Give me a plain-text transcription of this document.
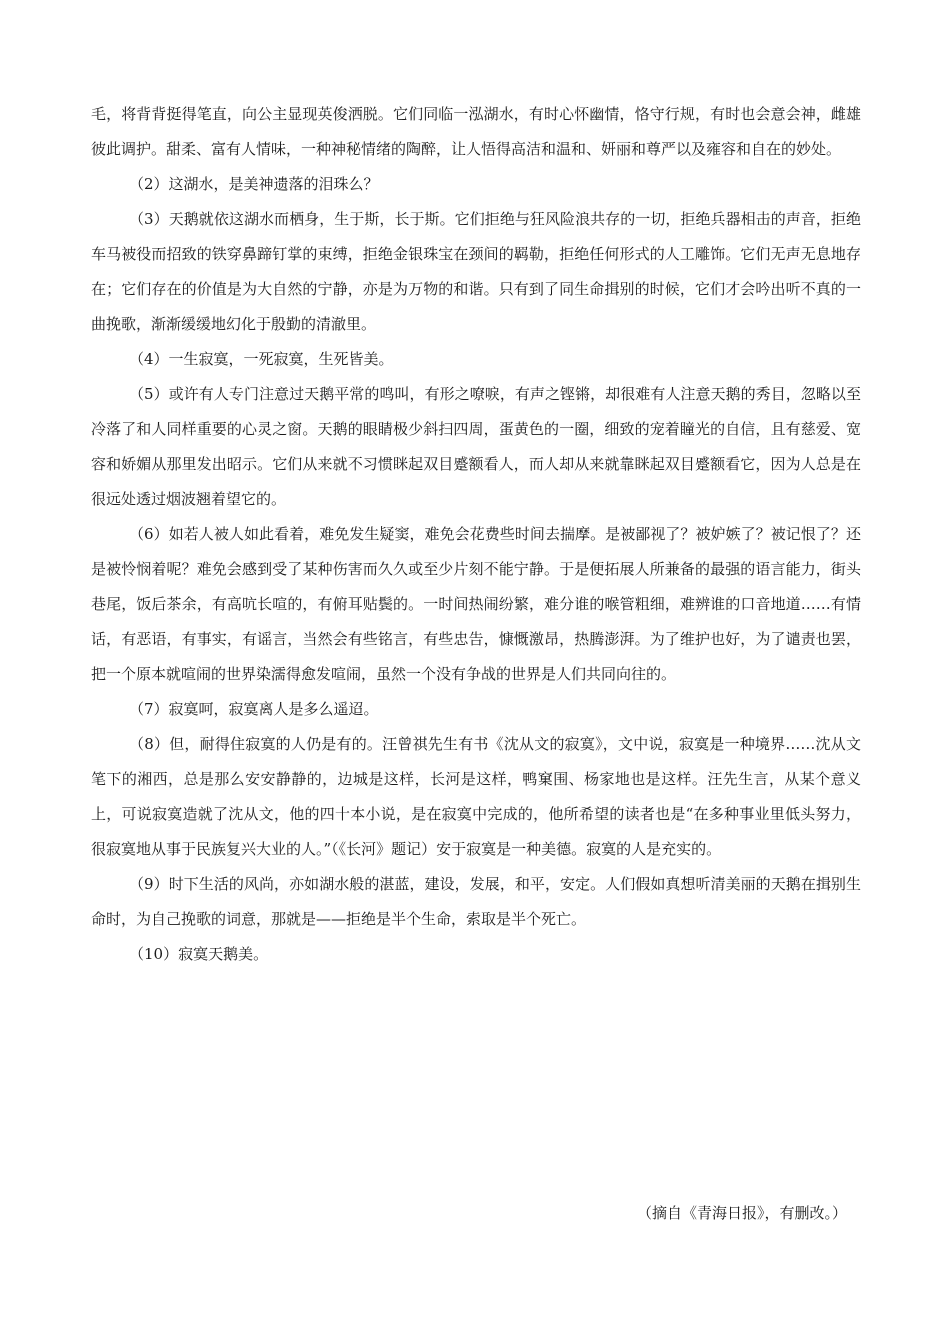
毛，将背背挺得笔直，向公主显现英俊洒脱。它们同临一泓湖水，有时心怀幽情，恪守行规，有时也会意会神，雌雄彼此调护。甜柔、富有人情味，一种神秘情绪的陶醉，让人悟得高洁和温和、妍丽和尊严以及雍容和自在的妙处。

（2）这湖水，是美神遗落的泪珠么？

（3）天鹅就依这湖水而栖身，生于斯，长于斯。它们拒绝与狂风险浪共存的一切，拒绝兵器相击的声音，拒绝车马被役而招致的铁穿鼻蹄钉掌的束缚，拒绝金银珠宝在颈间的羁勒，拒绝任何形式的人工雕饰。它们无声无息地存在；它们存在的价值是为大自然的宁静，亦是为万物的和谐。只有到了同生命揖别的时候，它们才会吟出听不真的一曲挽歌，渐渐缓缓地幻化于殷勤的清澈里。

（4）一生寂寞，一死寂寞，生死皆美。

（5）或许有人专门注意过天鹅平常的鸣叫，有形之嘹唳，有声之铿锵，却很难有人注意天鹅的秀目，忽略以至冷落了和人同样重要的心灵之窗。天鹅的眼睛极少斜扫四周，蛋黄色的一圈，细致的宠着瞳光的自信，且有慈爱、宽容和娇媚从那里发出昭示。它们从来就不习惯眯起双目蹙额看人，而人却从来就靠眯起双目蹙额看它，因为人总是在很远处透过烟波翘着望它的。

（6）如若人被人如此看着，难免发生疑窦，难免会花费些时间去揣摩。是被鄙视了？被妒嫉了？被记恨了？还是被怜悯着呢？难免会感到受了某种伤害而久久或至少片刻不能宁静。于是便拓展人所兼备的最强的语言能力，街头巷尾，饭后茶余，有高吭长喧的，有俯耳贴鬓的。一时间热闹纷繁，难分谁的喉管粗细，难辨谁的口音地道……有情话，有恶语，有事实，有谣言，当然会有些铭言，有些忠告，慷慨激昂，热腾澎湃。为了维护也好，为了谴责也罢，把一个原本就喧闹的世界染濡得愈发喧闹，虽然一个没有争战的世界是人们共同向往的。

（7）寂寞呵，寂寞离人是多么遥迢。

（8）但，耐得住寂寞的人仍是有的。汪曾祺先生有书《沈从文的寂寞》，文中说，寂寞是一种境界……沈从文笔下的湘西，总是那么安安静静的，边城是这样，长河是这样，鸭窠围、杨家地也是这样。汪先生言，从某个意义上，可说寂寞造就了沈从文，他的四十本小说，是在寂寞中完成的，他所希望的读者也是“在多种事业里低头努力，很寂寞地从事于民族复兴大业的人。”（《长河》题记）安于寂寞是一种美德。寂寞的人是充实的。

（9）时下生活的风尚，亦如湖水般的湛蓝，建设，发展，和平，安定。人们假如真想听清美丽的天鹅在揖别生命时，为自己挽歌的词意，那就是——拒绝是半个生命，索取是半个死亡。

（10）寂寞天鹅美。

（摘自《青海日报》，有删改。）
